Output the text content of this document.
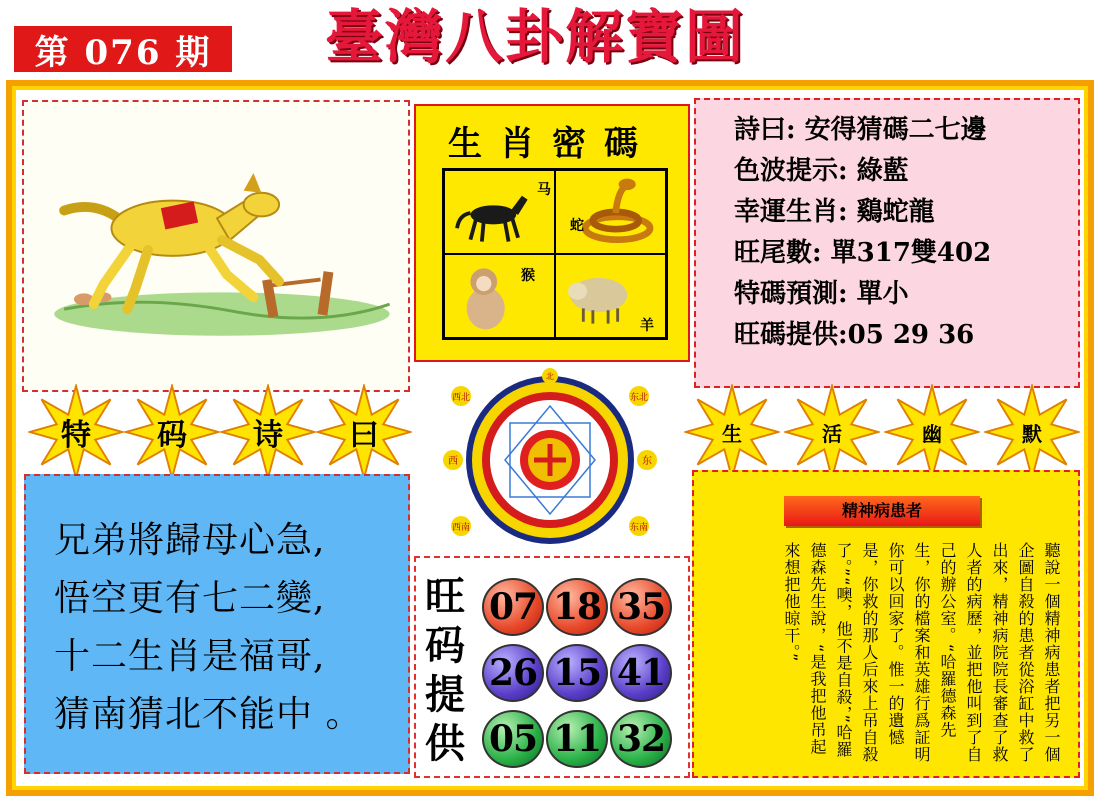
第 076 期	臺灣八卦解寶圖
生肖密碼
马
蛇
猴
羊
詩曰: 安得猜碼二七邊
色波提示: 綠藍
幸運生肖: 鷄蛇龍
旺尾數: 單317雙402
特碼預測: 單小
旺碼提供:05 29 36
特	码	诗	曰	生	活	幽	默
兄弟將歸母心急,
悟空更有七二變,
十二生肖是福哥,
猜南猜北不能中 。
西北	东北
西	东
西南	东南
北
旺码提供
07 18 35
26 15 41
05 11 32
精神病患者
聽說一個精神病患者把另一個企圖自殺的患者從浴缸中救了出來，精神病院院長審查了救人者的病歷，並把他叫到了自己的辦公室。“哈羅德森先生，你的檔案和英雄行爲証明你可以回家了。惟一的遺憾是，你救的那人后來上吊自殺了。”“噢，他不是自殺，”哈羅德森先生說，“是我把他吊起來想把他晾干。”
